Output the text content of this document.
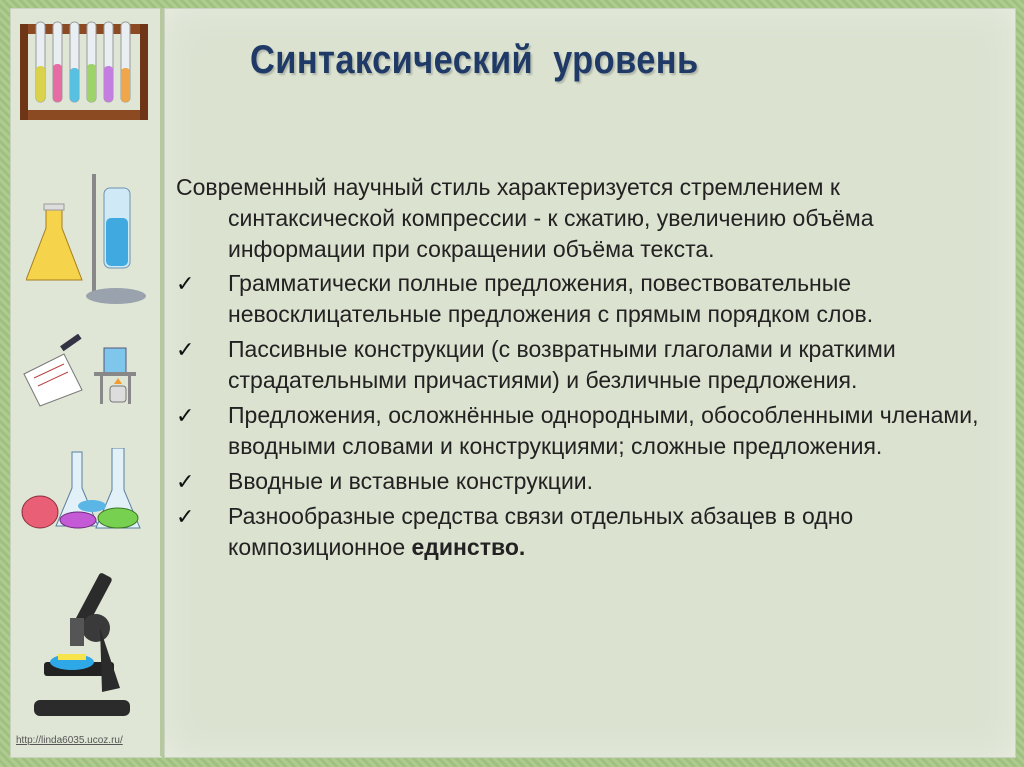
Синтаксический  уровень
Современный научный стиль характеризуется стремлением к синтаксической компрессии - к сжатию, увеличению объёма информации при сокращении объёма текста.
✓ Грамматически полные предложения, повествовательные невосклицательные предложения с прямым порядком слов.
✓ Пассивные конструкции (с возвратными глаголами и краткими страдательными причастиями) и безличные предложения.
✓ Предложения, осложнённые однородными, обособленными членами, вводными словами и конструкциями; сложные предложения.
✓ Вводные и вставные конструкции.
✓ Разнообразные средства связи отдельных абзацев в одно композиционное единство.
http://linda6035.ucoz.ru/
